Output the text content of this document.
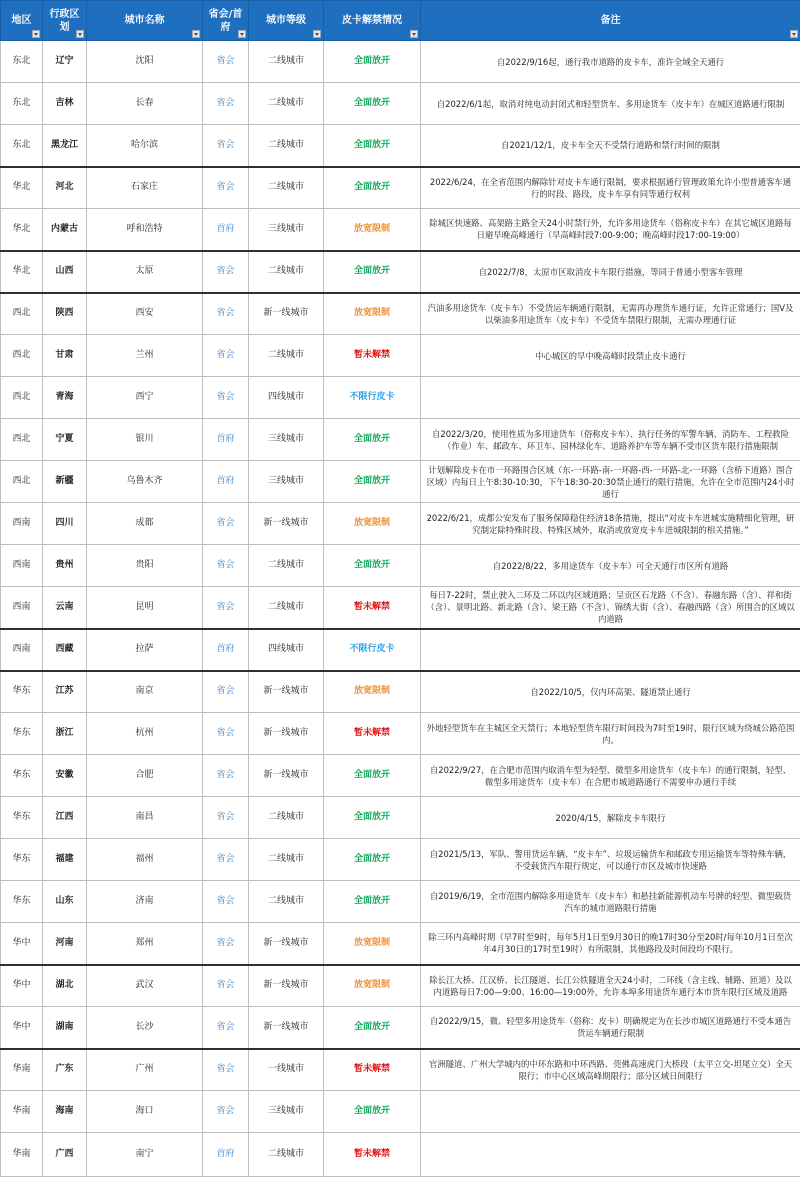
地区	行政区划	城市名称	省会/首府	城市等级	皮卡解禁情况	备注

东北	辽宁	沈阳	省会	二线城市	全面放开	自2022/9/16起，通行我市道路的皮卡车，准许全域全天通行
东北	吉林	长春	省会	二线城市	全面放开	自2022/6/1起，取消对纯电动封闭式和轻型货车、多用途货车（皮卡车）在城区道路通行限制
东北	黑龙江	哈尔滨	省会	二线城市	全面放开	自2021/12/1，皮卡车全天不受禁行道路和禁行时间的限制
华北	河北	石家庄	省会	二线城市	全面放开	2022/6/24，在全省范围内解除针对皮卡车通行限制，要求根据通行管理政策允许小型普通客车通行的时段、路段，皮卡车享有同等通行权利
华北	内蒙古	呼和浩特	首府	三线城市	放宽限制	除城区快速路、高架路主路全天24小时禁行外，允许多用途货车（俗称皮卡车）在其它城区道路每日避早晚高峰通行（早高峰时段7:00-9:00；晚高峰时段17:00-19:00）
华北	山西	太原	省会	二线城市	全面放开	自2022/7/8，太原市区取消皮卡车限行措施，等同于普通小型客车管理
西北	陕西	西安	省会	新一线城市	放宽限制	汽油多用途货车（皮卡车）不受货运车辆通行限制，无需再办理货车通行证，允许正常通行；国Ⅴ及以柴油多用途货车（皮卡车）不受货车禁限行限制，无需办理通行证
西北	甘肃	兰州	省会	二线城市	暂未解禁	中心城区的早中晚高峰时段禁止皮卡通行
西北	青海	西宁	省会	四线城市	不限行皮卡	
西北	宁夏	银川	首府	三线城市	全面放开	自2022/3/20，使用性质为多用途货车（俗称皮卡车）、执行任务的军警车辆、消防车、工程救险（作业）车、邮政车、环卫车、园林绿化车、道路养护车等车辆不受市区货车限行措施限制
西北	新疆	乌鲁木齐	首府	三线城市	全面放开	计划解除皮卡在市一环路围合区域（东-一环路-南-一环路-西-一环路-北-一环路（含桥下道路）围合区域）内每日上午8:30-10:30，下午18:30-20:30禁止通行的限行措施，允许在全市范围内24小时通行
西南	四川	成都	省会	新一线城市	放宽限制	2022/6/21，成都公安发布了服务保障稳住经济18条措施，提出“对皮卡车进城实施精细化管理，研究制定除特殊时段、特殊区域外，取消或放宽皮卡车进城限制的相关措施。”
西南	贵州	贵阳	省会	二线城市	全面放开	自2022/8/22，多用途货车（皮卡车）可全天通行市区所有道路
西南	云南	昆明	省会	二线城市	暂未解禁	每日7-22时，禁止驶入二环及二环以内区域道路；呈贡区石龙路（不含）、春融东路（含）、祥和街（含）、景明北路、新北路（含）、梁王路（不含）、锦绣大街（含）、春融西路（含）所围合的区域以内道路
西南	西藏	拉萨	首府	四线城市	不限行皮卡	
华东	江苏	南京	省会	新一线城市	放宽限制	自2022/10/5，仅内环高架、隧道禁止通行
华东	浙江	杭州	省会	新一线城市	暂未解禁	外地轻型货车在主城区全天禁行；本地轻型货车限行时间段为7时至19时，限行区域为绕城公路范围内。
华东	安徽	合肥	省会	新一线城市	全面放开	自2022/9/27，在合肥市范围内取消车型为轻型、微型多用途货车（皮卡车）的通行限制，轻型、微型多用途货车（皮卡车）在合肥市城道路通行不需要申办通行手续
华东	江西	南昌	省会	二线城市	全面放开	2020/4/15，解除皮卡车限行
华东	福建	福州	省会	二线城市	全面放开	自2021/5/13，军队、警用货运车辆、“皮卡车”、垃圾运输货车和邮政专用运输货车等特殊车辆，不受载货汽车限行规定，可以通行市区及城市快速路
华东	山东	济南	省会	二线城市	全面放开	自2019/6/19，全市范围内解除多用途货车（皮卡车）和悬挂新能源机动车号牌的轻型、微型载货汽车的城市道路限行措施
华中	河南	郑州	省会	新一线城市	放宽限制	除三环内高峰时期（早7时至9时，每年5月1日至9月30日的晚17时30分至20时/每年10月1日至次年4月30日的17时至19时）有所限制，其他路段及时间段均不限行。
华中	湖北	武汉	省会	新一线城市	放宽限制	除长江大桥、江汉桥、长江隧道、长江公铁隧道全天24小时，二环线（含主线、辅路、匝道）及以内道路每日7:00—9:00、16:00—19:00外，允许本埠多用途货车通行本市货车限行区域及道路
华中	湖南	长沙	省会	新一线城市	全面放开	自2022/9/15，微、轻型多用途货车（俗称：皮卡）明确规定为在长沙市城区道路通行不受本通告货运车辆通行限制
华南	广东	广州	省会	一线城市	暂未解禁	官洲隧道、广州大学城内的中环东路和中环西路、莞佛高速虎门大桥段（太平立交-坦尾立交）全天限行；市中心区域高峰期限行；部分区域日间限行
华南	海南	海口	省会	三线城市	全面放开	
华南	广西	南宁	首府	二线城市	暂未解禁	
